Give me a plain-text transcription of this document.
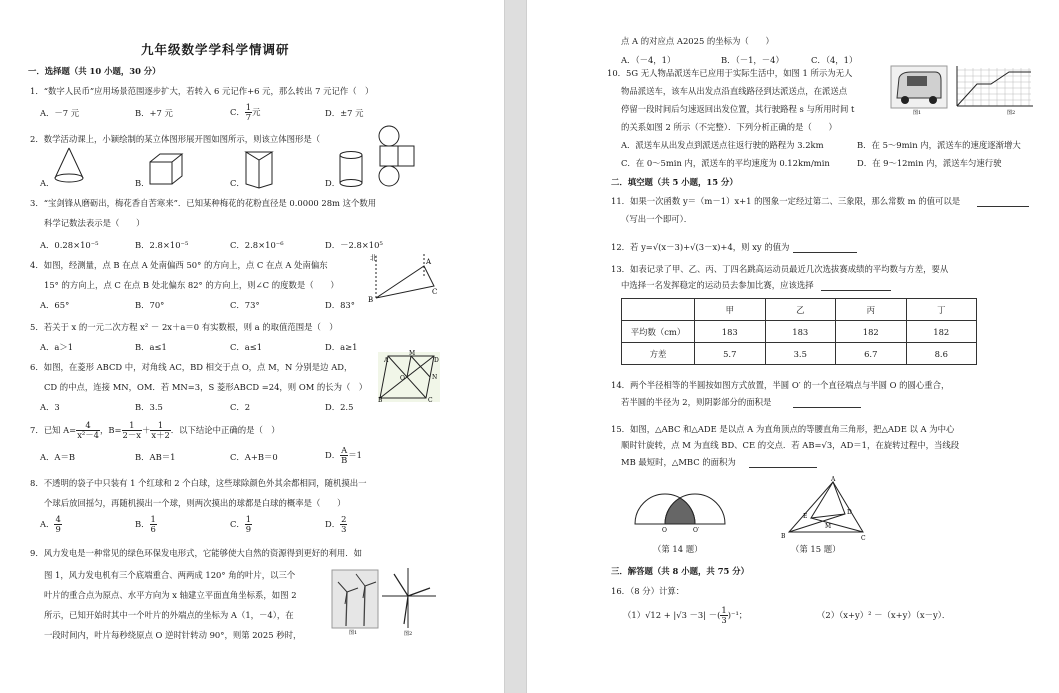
九年级数学学科学情调研
一．选择题（共 10 小题，30 分）
1．“数字人民币”应用场景范围逐步扩大，若转入 6 元记作+6 元，那么转出 7 元记作（　）
A．－7 元	B．+7 元	C． $\frac{1}{7}$ 元	D．±7 元
2．数学活动课上，小颖绘制的某立体图形展开图如图所示，则该立体图形是（
A．	B．	C．	D．
3．“宝剑锋从磨砺出，梅花香自苦寒来”．已知某种梅花的花粉直径是 0.0000 28m 这个数用
科学记数法表示是（　　）
A．0.28×10⁻⁵	B．2.8×10⁻⁵	C．2.8×10⁻⁶	D．－2.8×10⁵
4．如图，经测量，点 B 在点 A 处南偏西 50° 的方向上，点 C 在点 A 处南偏东
15° 的方向上，点 C 在点 B 处北偏东 82° 的方向上，则∠C 的度数是（　　）
A．65°	B．70°	C．73°	D．83°
北	A
B
C
5．若关于 x 的一元二次方程 x² － 2x＋a＝0 有实数根，则 a 的取值范围是（　）
A．a＞1	B．a≤1	C．a≤1	D．a≥1
6．如图，在菱形 ABCD 中，对角线 AC，BD 相交于点 O，点 M，N 分别是边 AD，
CD 的中点，连接 MN，OM．若 MN=3，S 菱形ABCD =24，则 OM 的长为（　）
A．3	B．3.5	C．2	D．2.5
A
B	C
D
M
N
O
7．已知 $A= \frac{4}{\text{x²－4}}$ ，$B= \frac{1}{2-x} + \frac{1}{x+2}$ ．以下结论中正确的是（　）
A．A＝B	B．AB＝1	C．A+B＝0	D． $\frac{A}{B} =1$
8．不透明的袋子中只装有 1 个红球和 2 个白球，这些球除颜色外其余都相同，随机摸出一
个球后放回摇匀，再随机摸出一个球，则两次摸出的球都是白球的概率是（　　）
A． $\frac{4}{9}$	B． $\frac{1}{6}$	C． $\frac{1}{9}$	D． $\frac{2}{3}$
9．风力发电是一种常见的绿色环保发电形式，它能够使大自然的资源得到更好的利用．如
图 1，风力发电机有三个底端重合、两两成 120° 角的叶片，以三个
叶片的重合点为原点、水平方向为 x 轴建立平面直角坐标系，如图 2
所示，已知开始时其中一个叶片的外端点的坐标为 A（1，－4），在
一段时间内，叶片每秒绕原点 O 逆时针转动 90°，则第 2025 秒时，	图1	图2
点 A 的对应点 A2025 的坐标为（　　）
A．（－4，1）	B．（－1，－4）	C．（4，1）
10．5G 无人物品派送车已应用于实际生活中，如图 1 所示为无人
物品派送车，该车从出发点沿直线路径到达派送点，在派送点
停留一段时间后匀速返回出发位置，其行驶路程 s 与所用时间 t
的关系如图 2 所示（不完整）．下列分析正确的是（　　）
图1	图2
A．派送车从出发点到派送点往返行驶的路程为 3.2km	B．在 5～9min 内，派送车的速度逐渐增大
C．在 0～5min 内，派送车的平均速度为 0.12km/min	D．在 9～12min 内，派送车匀速行驶
二．填空题（共 5 小题，15 分）
11．如果一次函数 y＝（m－1）x+1 的图象一定经过第二、三象限，那么常数 m 的值可以是
（写出一个即可）．
12．若 y=√(x－3)+√(3－x)+4，则 xy 的值为
13．如表记录了甲、乙、丙、丁四名跳高运动员最近几次选拔赛成绩的平均数与方差，要从
中选择一名发挥稳定的运动员去参加比赛，应该选择
	甲	乙	丙	丁
平均数（cm）	183	183	182	182
方差	5.7	3.5	6.7	8.6
14．两个半径相等的半圆按如图方式放置，半圆 O′ 的一个直径端点与半圆 O 的圆心重合，
若半圆的半径为 2，则阴影部分的面积是
15．如图，△ABC 和△ADE 是以点 A 为直角顶点的等腰直角三角形，把△ADE 以 A 为中心
顺时针旋转，点 M 为直线 BD、CE 的交点．若 AB=√3，AD＝1，在旋转过程中，当线段
MB 最短时，△MBC 的面积为
O	O′
（第 14 题）
A
B	C
D
E
M
（第 15 题）
三．解答题（共 8 小题，共 75 分）
16．（8 分）计算：
（1）√12 + |√3 －3| －( $\frac{1}{3} )^{-1}$；	（2）（x+y）² －（x+y）（x－y）．
